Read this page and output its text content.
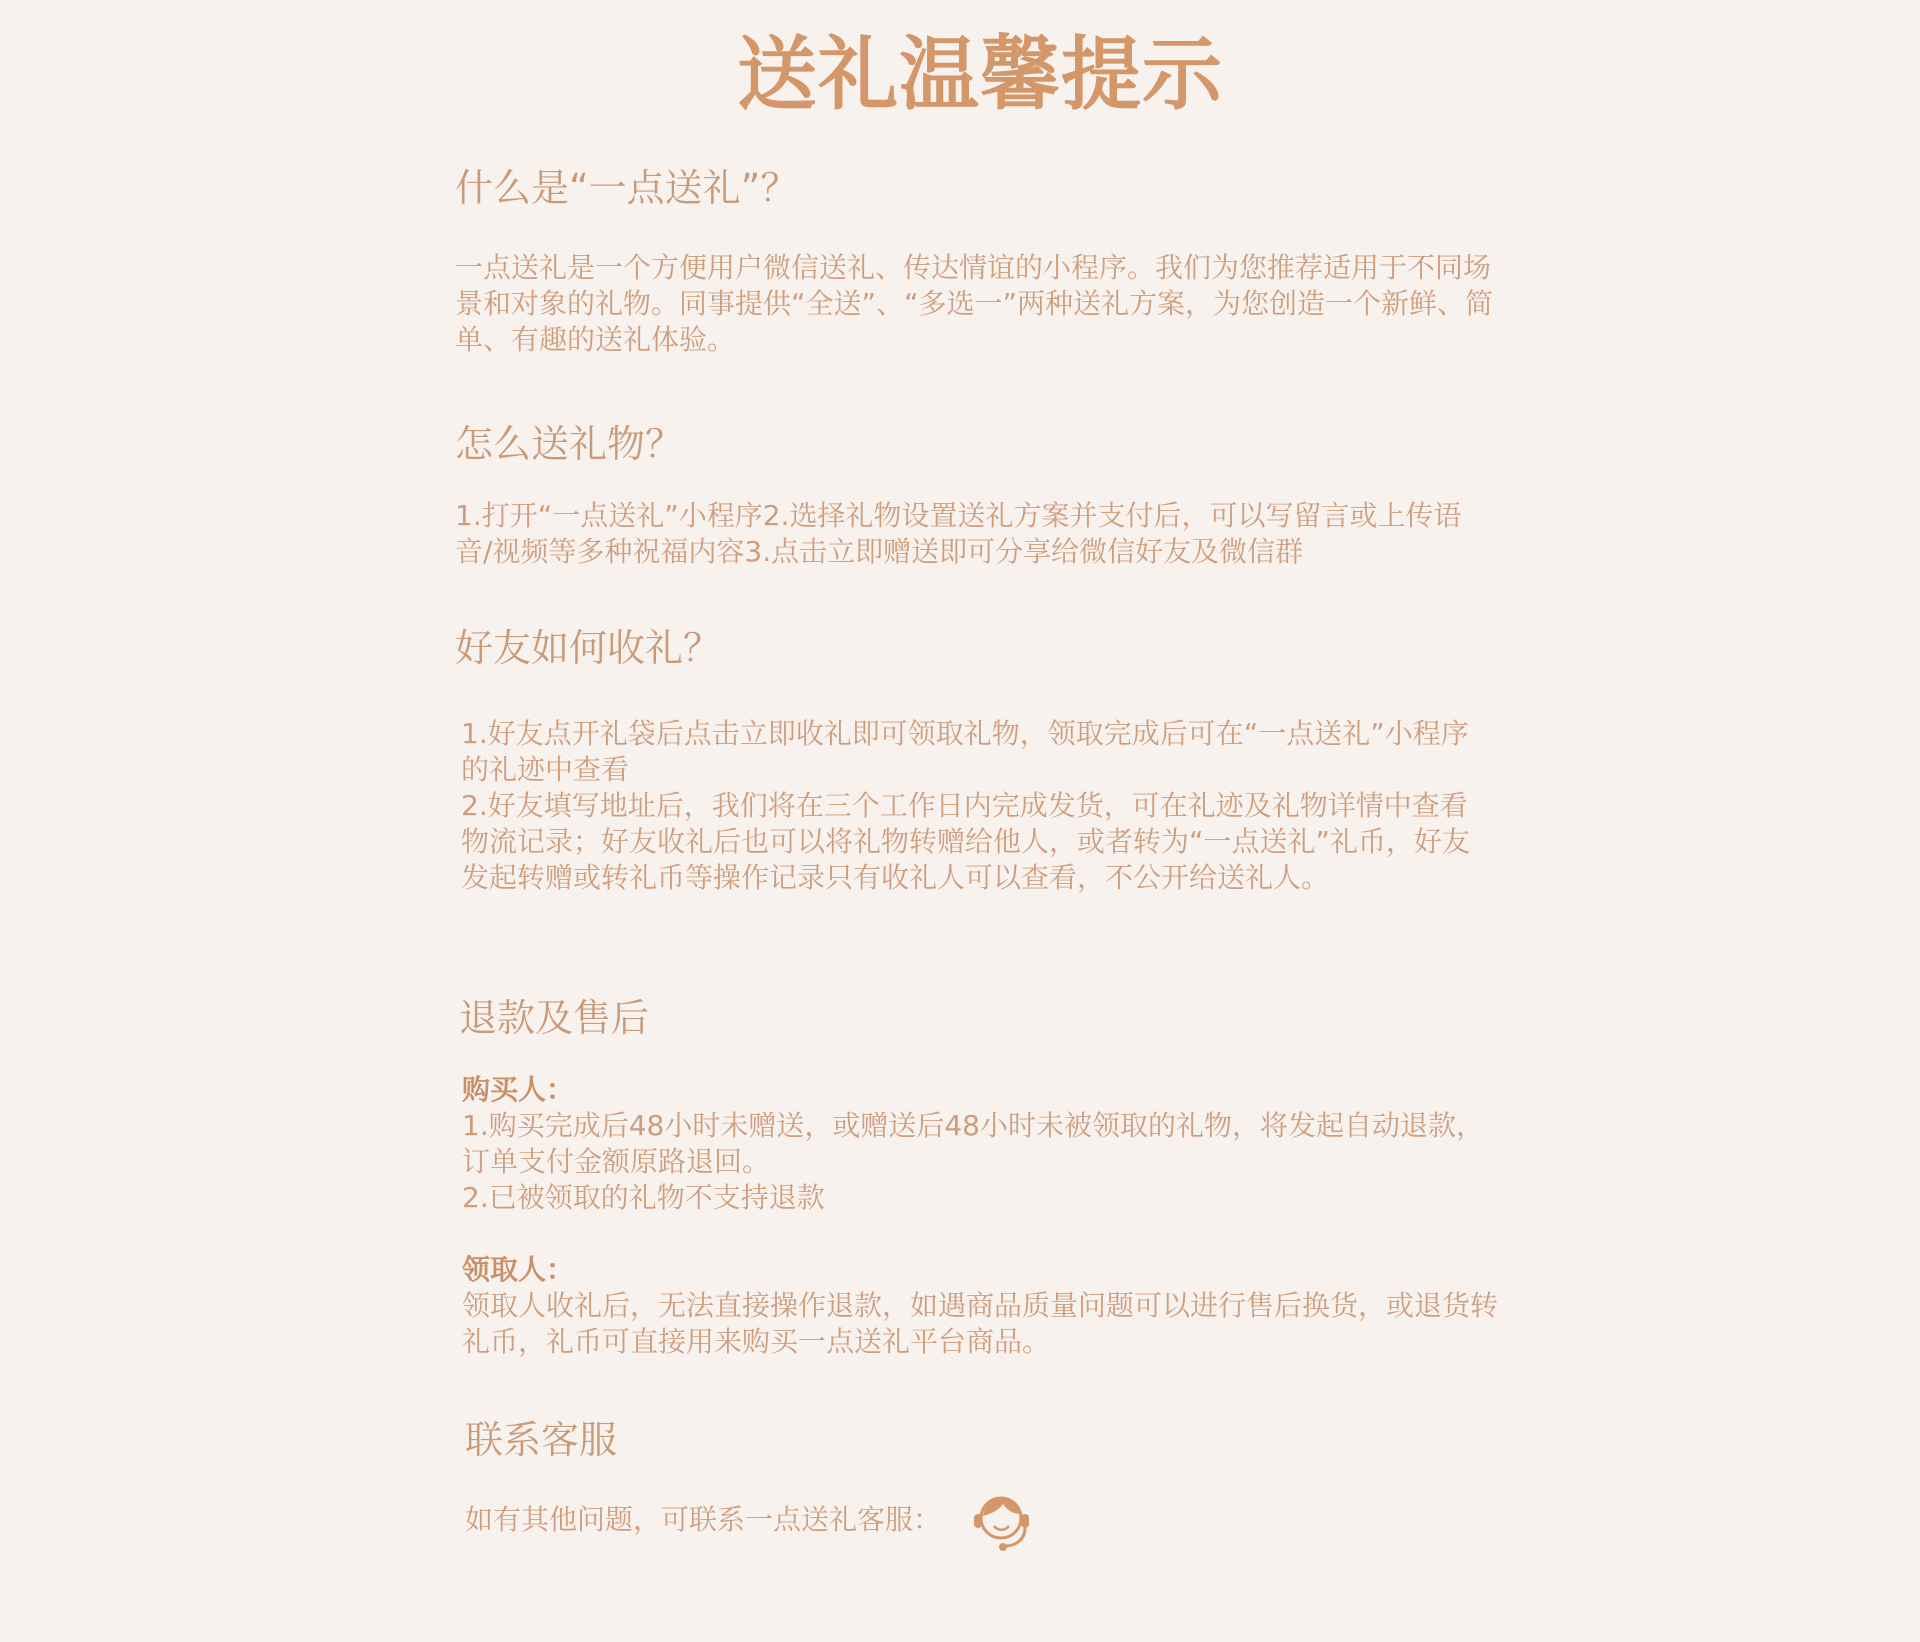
送礼温馨提示
什么是“一点送礼”？

一点送礼是一个方便用户微信送礼、传达情谊的小程序。我们为您推荐适用于不同场景和对象的礼物。同事提供“全送”、“多选一”两种送礼方案，为您创造一个新鲜、简单、有趣的送礼体验。

怎么送礼物？

1.打开“一点送礼”小程序2.选择礼物设置送礼方案并支付后，可以写留言或上传语音/视频等多种祝福内容3.点击立即赠送即可分享给微信好友及微信群

好友如何收礼？
1.好友点开礼袋后点击立即收礼即可领取礼物，领取完成后可在“一点送礼”小程序的礼迹中查看
2.好友填写地址后，我们将在三个工作日内完成发货，可在礼迹及礼物详情中查看物流记录；好友收礼后也可以将礼物转赠给他人，或者转为“一点送礼”礼币，好友发起转赠或转礼币等操作记录只有收礼人可以查看，不公开给送礼人。
退款及售后
购买人：
1.购买完成后48小时未赠送，或赠送后48小时未被领取的礼物，将发起自动退款，订单支付金额原路退回。
2.已被领取的礼物不支持退款
领取人：
领取人收礼后，无法直接操作退款，如遇商品质量问题可以进行售后换货，或退货转礼币，礼币可直接用来购买一点送礼平台商品。
联系客服
如有其他问题，可联系一点送礼客服：
